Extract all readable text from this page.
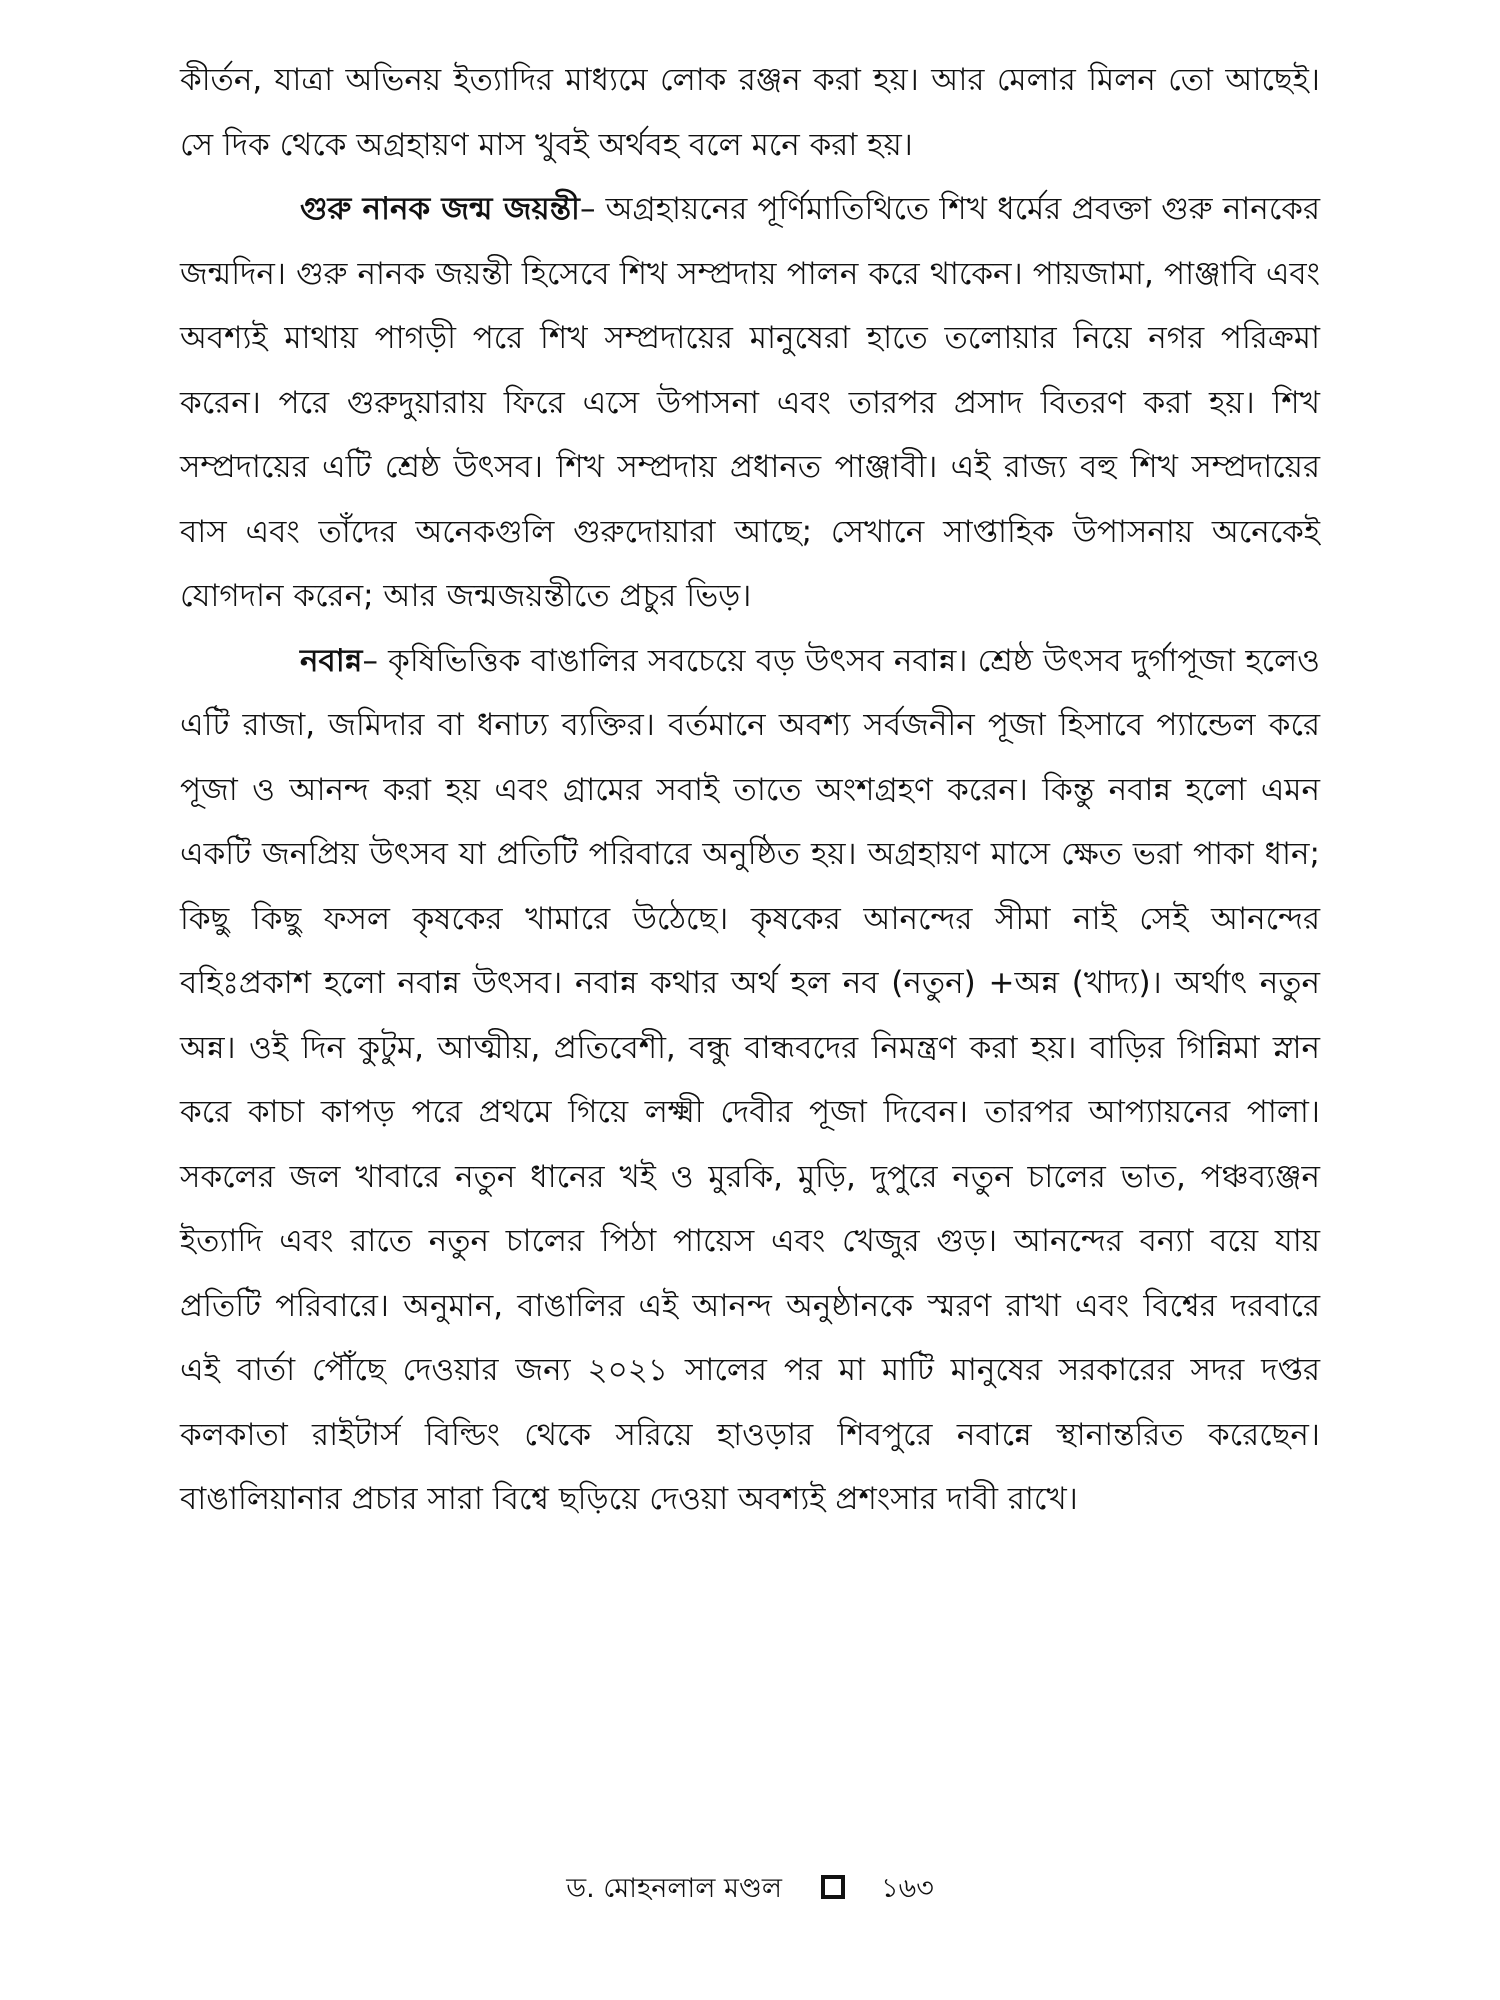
কীর্তন, যাত্রা অভিনয় ইত্যাদির মাধ্যমে লোক রঞ্জন করা হয়। আর মেলার মিলন তো আছেই। সে দিক থেকে অগ্রহায়ণ মাস খুবই অর্থবহ বলে মনে করা হয়।

গুরু নানক জন্ম জয়ন্তী– অগ্রহায়নের পূর্ণিমাতিথিতে শিখ ধর্মের প্রবক্তা গুরু নানকের জন্মদিন। গুরু নানক জয়ন্তী হিসেবে শিখ সম্প্রদায় পালন করে থাকেন। পায়জামা, পাঞ্জাবি এবং অবশ্যই মাথায় পাগড়ী পরে শিখ সম্প্রদায়ের মানুষেরা হাতে তলোয়ার নিয়ে নগর পরিক্রমা করেন। পরে গুরুদুয়ারায় ফিরে এসে উপাসনা এবং তারপর প্রসাদ বিতরণ করা হয়। শিখ সম্প্রদায়ের এটি শ্রেষ্ঠ উৎসব। শিখ সম্প্রদায় প্রধানত পাঞ্জাবী। এই রাজ্য বহু শিখ সম্প্রদায়ের বাস এবং তাঁদের অনেকগুলি গুরুদোয়ারা আছে; সেখানে সাপ্তাহিক উপাসনায় অনেকেই যোগদান করেন; আর জন্মজয়ন্তীতে প্রচুর ভিড়।

নবান্ন– কৃষিভিত্তিক বাঙালির সবচেয়ে বড় উৎসব নবান্ন। শ্রেষ্ঠ উৎসব দুর্গাপূজা হলেও এটি রাজা, জমিদার বা ধনাঢ্য ব্যক্তির। বর্তমানে অবশ্য সর্বজনীন পূজা হিসাবে প্যান্ডেল করে পূজা ও আনন্দ করা হয় এবং গ্রামের সবাই তাতে অংশগ্রহণ করেন। কিন্তু নবান্ন হলো এমন একটি জনপ্রিয় উৎসব যা প্রতিটি পরিবারে অনুষ্ঠিত হয়। অগ্রহায়ণ মাসে ক্ষেত ভরা পাকা ধান; কিছু কিছু ফসল কৃষকের খামারে উঠেছে। কৃষকের আনন্দের সীমা নাই সেই আনন্দের বহিঃপ্রকাশ হলো নবান্ন উৎসব। নবান্ন কথার অর্থ হল নব (নতুন) +অন্ন (খাদ্য)। অর্থাৎ নতুন অন্ন। ওই দিন কুটুম, আত্মীয়, প্রতিবেশী, বন্ধু বান্ধবদের নিমন্ত্রণ করা হয়। বাড়ির গিন্নিমা স্নান করে কাচা কাপড় পরে প্রথমে গিয়ে লক্ষ্মী দেবীর পূজা দিবেন। তারপর আপ্যায়নের পালা। সকলের জল খাবারে নতুন ধানের খই ও মুরকি, মুড়ি, দুপুরে নতুন চালের ভাত, পঞ্চব্যঞ্জন ইত্যাদি এবং রাতে নতুন চালের পিঠা পায়েস এবং খেজুর গুড়। আনন্দের বন্যা বয়ে যায় প্রতিটি পরিবারে। অনুমান, বাঙালির এই আনন্দ অনুষ্ঠানকে স্মরণ রাখা এবং বিশ্বের দরবারে এই বার্তা পৌঁছে দেওয়ার জন্য ২০২১ সালের পর মা মাটি মানুষের সরকারের সদর দপ্তর কলকাতা রাইটার্স বিল্ডিং থেকে সরিয়ে হাওড়ার শিবপুরে নবান্নে স্থানান্তরিত করেছেন। বাঙালিয়ানার প্রচার সারা বিশ্বে ছড়িয়ে দেওয়া অবশ্যই প্রশংসার দাবী রাখে।

ড. মোহনলাল মণ্ডল	১৬৩
